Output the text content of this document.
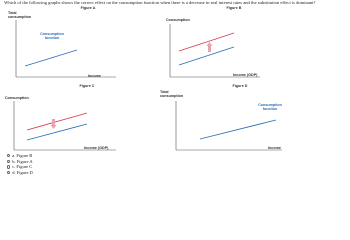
Which of the following graphs shows the correct effect on the consumption function when there is a decrease in real interest rates and the substitution effect is dominant?
Figure A
Total
consumption
Consumption
function
Income
Figure B
Consumption
Income (GDP)
Figure C
Consumption
Income (GDP)
Figure D
Total
consumption
Consumption
function
Income
a. Figure B
b. Figure A
c. Figure C
d. Figure D
